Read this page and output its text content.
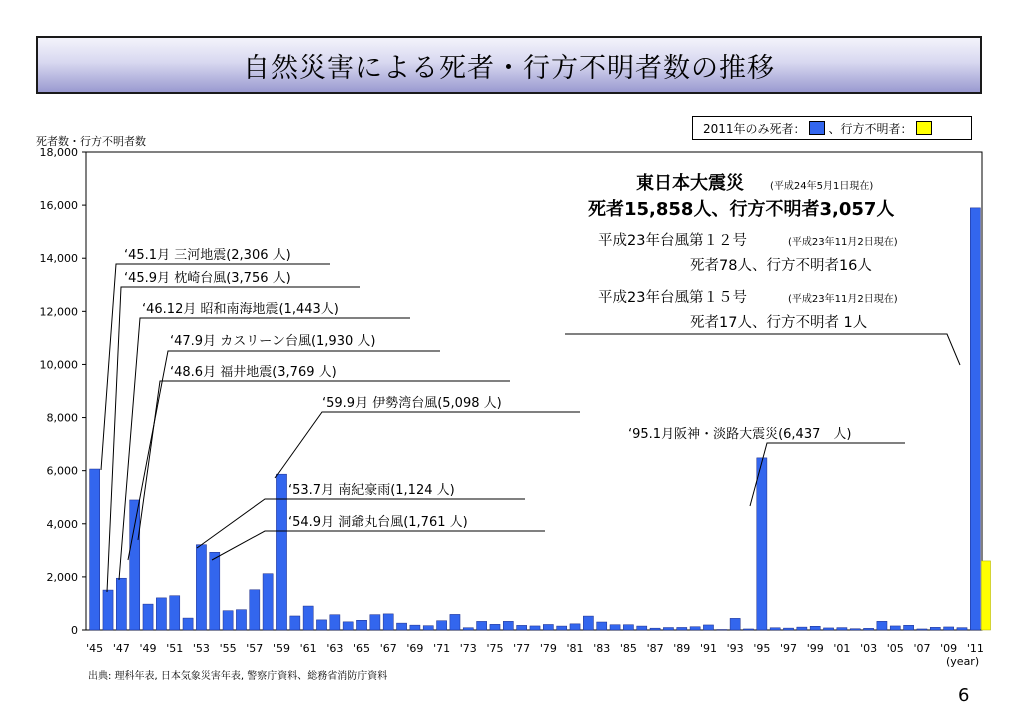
自然災害による死者・行方不明者数の推移
2011年のみ死者： 、行方不明者：
死者数・行方不明者数
'45 '47 '49 '51 '53 '55 '57 '59 '61 '63 '65 '67 '69 '71 '73 '75 '77 '79 '81 '83 '85 '87 '89 '91 '93 '95 '97 '99 '01 '03 '05 '07 '09 '11
0
2,000
4,000
6,000
8,000
10,000
12,000
14,000
16,000
18,000
‘45.1月 三河地震(2,306 人)
‘45.9月 枕崎台風(3,756 人)
‘46.12月 昭和南海地震(1,443人)
‘47.9月 カスリーン台風(1,930 人)
‘48.6月 福井地震(3,769 人)
‘59.9月 伊勢湾台風(5,098 人)
‘53.7月 南紀豪雨(1,124 人)
‘54.9月 洞爺丸台風(1,761 人)
‘95.1月阪神・淡路大震災(6,437　人)
東日本大震災	(平成24年5月1日現在)
死者15,858人、行方不明者3,057人
平成23年台風第１２号	(平成23年11月2日現在)
死者78人、行方不明者16人
平成23年台風第１５号	(平成23年11月2日現在)
死者17人、行方不明者 1人
(year)
出典: 理科年表, 日本気象災害年表, 警察庁資料、総務省消防庁資料
6
